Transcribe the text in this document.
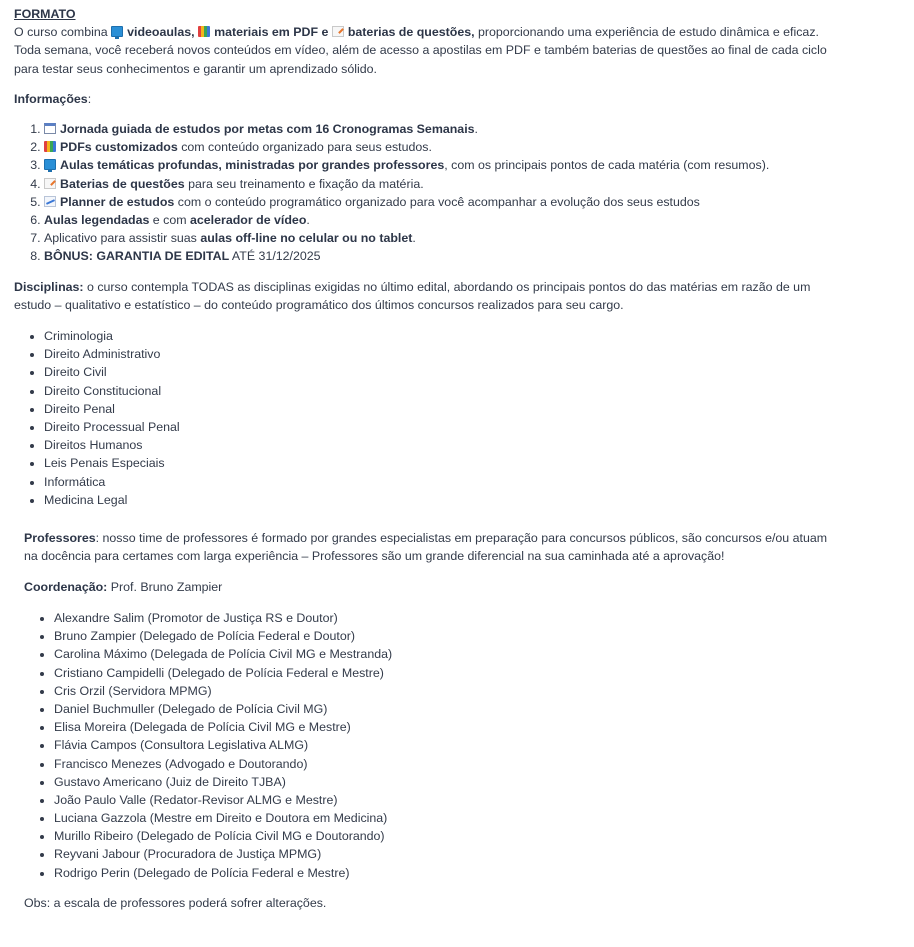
FORMATO

O curso combina videoaulas, materiais em PDF e baterias de questões, proporcionando uma experiência de estudo dinâmica e eficaz.

Toda semana, você receberá novos conteúdos em vídeo, além de acesso a apostilas em PDF e também baterias de questões ao final de cada ciclo

para testar seus conhecimentos e garantir um aprendizado sólido.

Informações:

1. Jornada guiada de estudos por metas com 16 Cronogramas Semanais.
2. PDFs customizados com conteúdo organizado para seus estudos.
3. Aulas temáticas profundas, ministradas por grandes professores, com os principais pontos de cada matéria (com resumos).
4. Baterias de questões para seu treinamento e fixação da matéria.
5. Planner de estudos com o conteúdo programático organizado para você acompanhar a evolução dos seus estudos
6. Aulas legendadas e com acelerador de vídeo.
7. Aplicativo para assistir suas aulas off-line no celular ou no tablet.
8. BÔNUS: GARANTIA DE EDITAL ATÉ 31/12/2025

Disciplinas: o curso contempla TODAS as disciplinas exigidas no último edital, abordando os principais pontos do das matérias em razão de um

estudo – qualitativo e estatístico – do conteúdo programático dos últimos concursos realizados para seu cargo.

• Criminologia
• Direito Administrativo
• Direito Civil
• Direito Constitucional
• Direito Penal
• Direito Processual Penal
• Direitos Humanos
• Leis Penais Especiais
• Informática
• Medicina Legal

Professores: nosso time de professores é formado por grandes especialistas em preparação para concursos públicos, são concursos e/ou atuam

na docência para certames com larga experiência – Professores são um grande diferencial na sua caminhada até a aprovação!

Coordenação: Prof. Bruno Zampier

• Alexandre Salim (Promotor de Justiça RS e Doutor)
• Bruno Zampier (Delegado de Polícia Federal e Doutor)
• Carolina Máximo (Delegada de Polícia Civil MG e Mestranda)
• Cristiano Campidelli (Delegado de Polícia Federal e Mestre)
• Cris Orzil (Servidora MPMG)
• Daniel Buchmuller (Delegado de Polícia Civil MG)
• Elisa Moreira (Delegada de Polícia Civil MG e Mestre)
• Flávia Campos (Consultora Legislativa ALMG)
• Francisco Menezes (Advogado e Doutorando)
• Gustavo Americano (Juiz de Direito TJBA)
• João Paulo Valle (Redator-Revisor ALMG e Mestre)
• Luciana Gazzola (Mestre em Direito e Doutora em Medicina)
• Murillo Ribeiro (Delegado de Polícia Civil MG e Doutorando)
• Reyvani Jabour (Procuradora de Justiça MPMG)
• Rodrigo Perin (Delegado de Polícia Federal e Mestre)

Obs: a escala de professores poderá sofrer alterações.
